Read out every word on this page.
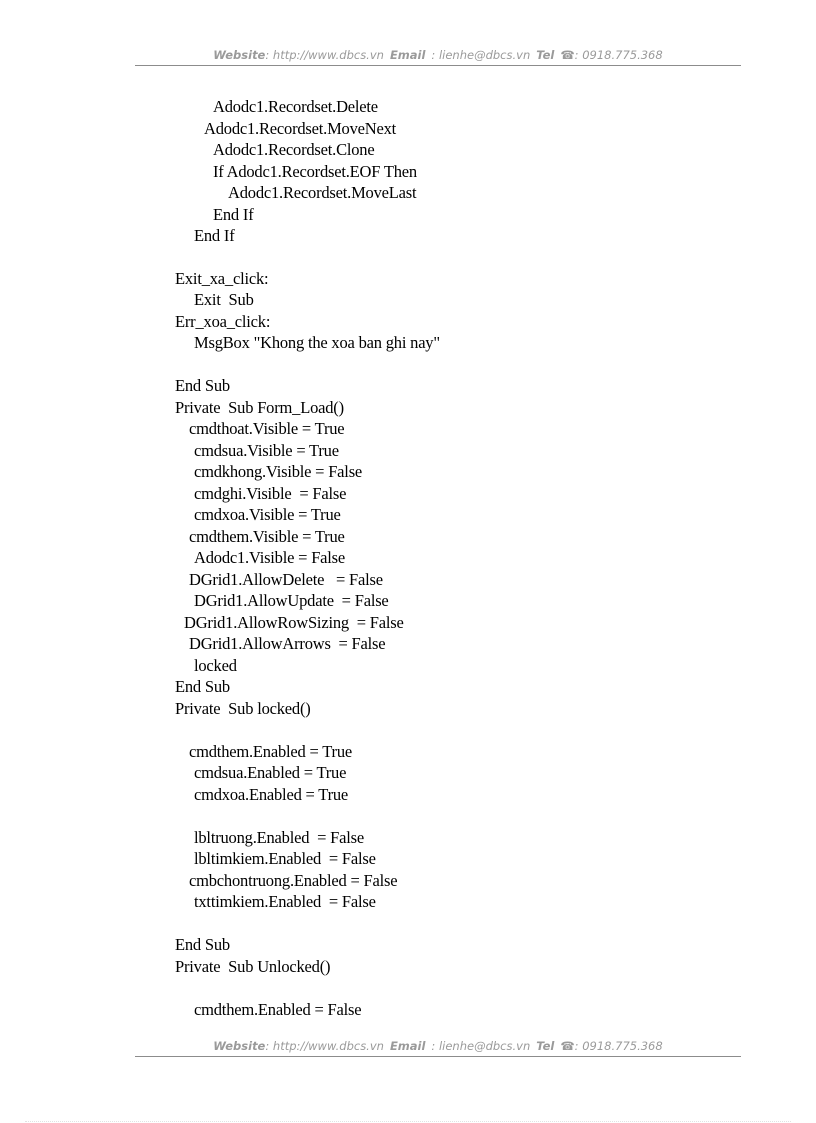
Website: http://www.dbcs.vn Email : lienhe@dbcs.vn Tel ☎: 0918.775.368
Adodc1.Recordset.Delete
Adodc1.Recordset.MoveNext
Adodc1.Recordset.Clone
If Adodc1.Recordset.EOF Then
Adodc1.Recordset.MoveLast
End If
End If
Exit_xa_click:
Exit  Sub
Err_xoa_click:
MsgBox "Khong the xoa ban ghi nay"
End Sub
Private  Sub Form_Load()
cmdthoat.Visible = True
cmdsua.Visible = True
cmdkhong.Visible = False
cmdghi.Visible  = False
cmdxoa.Visible = True
cmdthem.Visible = True
Adodc1.Visible = False
DGrid1.AllowDelete   = False
DGrid1.AllowUpdate  = False
DGrid1.AllowRowSizing  = False
DGrid1.AllowArrows  = False
locked
End Sub
Private  Sub locked()
cmdthem.Enabled = True
cmdsua.Enabled = True
cmdxoa.Enabled = True
lbltruong.Enabled  = False
lbltimkiem.Enabled  = False
cmbchontruong.Enabled = False
txttimkiem.Enabled  = False
End Sub
Private  Sub Unlocked()
cmdthem.Enabled = False
Website: http://www.dbcs.vn Email : lienhe@dbcs.vn Tel ☎: 0918.775.368
